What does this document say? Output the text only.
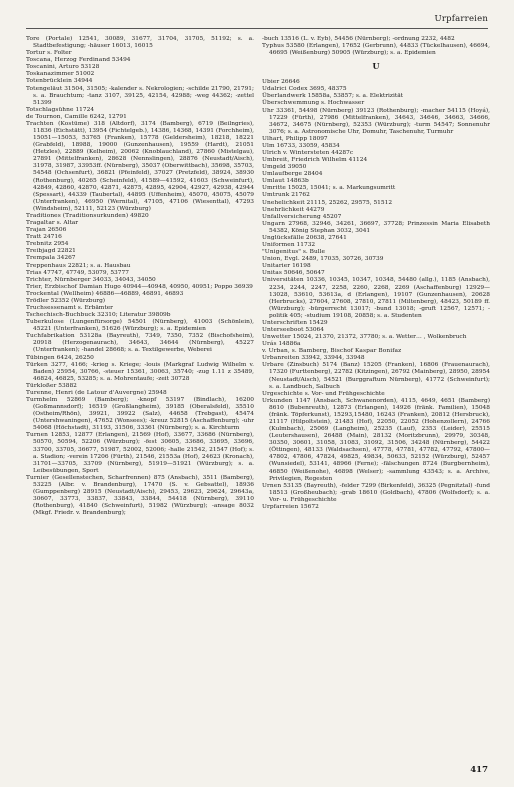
Urpfarreien

Tore (Portale) 12541, 30089, 31677, 31704, 31705, 51192; s. a. Stadtbefestigung; -häuser 16013, 16015

Tortur s. Folter

Toscana, Herzog Ferdinand 53494

Toscanini, Arturo 53128

Toskanazimmer 51002

Totenbrücklein 34944

Totengeläut 31504, 31505; -kalender s. Nekrologien; -schilde 21790, 21791; s. a. Brauchtum; -tanz 3107, 39125, 42154, 42988; -weg 44362; -zettel 51399

Totschlagsühne 11724

de Tournon, Camille 6242, 12791

Trachten (Kostüme) 318 (Altdorf), 3174 (Bamberg), 6719 (Beilngries), 11836 (Eichstätt), 13954 (Fichtelgeb.), 14386, 14368, 14391 (Forchheim), 15051—15053, 53765 (Franken), 15778 (Geldersheim), 18218, 18221 (Grabfeld), 18988, 19000 (Gunzenhausen), 19559 (Hardt), 21051 (Hetzles), 22889 (Kelheim), 20062 (Knoblauchland), 27860 (Mistelgau), 27891 (Mittelfranken), 28628 (Nennslingen), 28876 (Neustadt/Aisch), 31978, 31987, 33953ff. (Nürnberg), 35037 (Oberwittbach), 35698, 35703, 54548 (Ochsenfurt), 36821 (Pfeinfeld), 37027 (Pretzfeld), 38924, 38930 (Rothenburg), 40265 (Scheinfeld), 41589—41592, 41603 (Schweinfurt), 42849, 42860, 42870, 42871, 42875, 42895, 42904, 42927, 42938, 42944 (Spessart), 44339 (Taubertal), 44895 (Uffenheim), 45070, 45075, 45079 (Unterfranken), 46950 (Wernital), 47105, 47106 (Wiesenttal), 47293 (Windsheim), 52111, 52123 (Würzburg)

Traditiones (Traditionsurkunden) 49820

Tragaltar s. Altar

Trajan 26506

Tratt 24716

Trebnitz 2954

Treibjagd 22821

Trempala 34267

Treppenhaus 22821; s. a. Hausbau

Trias 47747, 47749, 53079, 53777

Trichter, Nürnberger 34033, 34043, 34050

Trier, Erzbischof Damian Hugo 40944—40948, 40950, 40951; Poppo 36939

Trockental (Wellheim) 46886—46889, 46891, 46893

Trödler 52352 (Würzburg)

Truchsessenamt s. Erbämter

Tschechisch-Buchbuck 32310; Literatur 39809b

Tuberkulose (Lungenfürsorge) 54501 (Nürnberg), 41003 (Schönlein), 45221 (Unterfranken), 51626 (Würzburg); s. a. Epidemien

Tuchfabrikation 53128a (Bayreuth), 7349, 7350, 7352 (Bischofsheim), 20918 (Herzogenaurach), 34643, 34644 (Nürnberg), 45227 (Unterfranken); -handel 28668; s. a. Textilgewerbe, Weberei

Tübingen 6424, 26250

Türken 3277, 4166; -krieg s. Kriege; -louis (Markgraf Ludwig Wilhelm v. Baden) 25954, 30766, -steuer 15361, 30063, 35740; -zug 1.11 z 35489, 46824, 46825, 53285; s. a. Mohrentaufe; -zeit 30728

Türkloßer 53882

Turenne, Henri (de Latour d'Auvergne) 25948

Turmhelm 52869 (Bamberg); -knopf 53197 (Bindlach), 16200 (Goßmannsdorf); 16519 (Großlangheim), 39185 (Oberalsfeld), 35510 (Ostheim/Rhön), 39921, 39922 (Salz), 44658 (Trebgast), 45474 (Untershwaningen), 47652 (Wonsees); -kreuz 52815 (Aschaffenburg); -uhr 54068 (Höchstadt), 31193, 31506, 33361 (Nürnberg); s. a. Kirchturm

Turnen 12853, 12877 (Erlangen), 21569 (Hof), 33677, 33686 (Nürnberg), 50570, 50594, 52206 (Würzburg); -fest 30605, 33686, 33695, 33696, 33700, 33705, 36677, 51987, 52002, 52006; -halle 21542, 21547 (Hof); s. a. Stadion; -verein 17206 (Fürth), 21546, 21553a (Hof), 24623 (Kronach), 31701—33705, 33709 (Nürnberg), 51919—51921 (Würzburg); s. a. Leibesübungen, Sport

Turnier (Gesellenstechen, Scharfrennen) 875 (Ansbach), 3511 (Bamberg), 53225 (Albr. v. Brandenburg), 17470 (S. v. Gebsattel), 18936 (Gumppenberg) 28915 (Neustadt/Aisch), 29453, 29623, 29624, 29643a, 30607, 33773, 33837, 33843, 33844, 54418 (Nürnberg), 39110 (Rothenburg), 41840 (Schweinfurt), 51982 (Würzburg); -ansage 8032 (Mkgf. Friedr. v. Brandenburg);

-buch 13516 (L. v. Eyb), 54456 (Nürnberg); -ordnung 2232, 4482

Typhus 53580 (Erlangen), 17652 (Gerbrunn), 44833 (Tückelhausen), 46694, 46695 (Weißenburg) 50905 (Würzburg); s. a. Epidemien

U

Ubier 26646

Udalrici Codex 3695, 48375

Überlandwerk 15858a, 53857; s. a. Elektrizität

Überschwemmung s. Hochwasser

Uhr 33361, 54498 (Nürnberg) 39123 (Rothenburg); -macher 54115 (Hoyá), 17229 (Fürth), 27986 (Mittelfranken), 34643, 34646, 34663, 34666, 34672, 34675 (Nürnberg), 52353 (Würzburg); -turm 54547; Sonnenuhr 3076; s. a. Astronomische Uhr, Domuhr, Taschenuhr, Turmuhr

Ulhart, Philipp 18097

Ulm 16733, 33059, 45834

Ulrich v. Wintersteten 44287c

Umbreit, Friedrich Wilhelm 41124

Umgeld 39050

Umlaufberge 28404

Umlaut 14863b

Umritte 15025, 15041; s. a. Markungsumritt

Umtrunk 21762

Unehelichkeit 21115, 25262, 29575, 51512

Unehrlichkeit 44279

Unfallversicherung 45207

Ungarn 27968, 32946, 34261, 36697, 37728; Prinzessin Maria Elisabeth 54382, König Stephan 3032, 3041

Unglücksfälle 20638, 27641

Uniformen 11732

"Unigenitus" s. Bulle

Union, Evgl. 2489, 17035, 30726, 30739

Unitarier 16198

Unitas 50646, 50647

Universitäten 10336, 10345, 10347, 10348, 54480 (allg.), 1185 (Ansbach), 2234, 2244, 2247, 2258, 2260, 2268, 2269 (Aschaffenburg) 12929—13028, 53610, 53613a, d (Erlangen), 19107 (Gunzenhausen), 20628 (Herbrucks), 27604, 27608, 27810, 27811 (Miltenberg), 48423, 50189 ff. (Würzburg); -bürgerrecht 13017; -bund 13018; -gruft 12567, 12571; -politik 405; -studium 19108, 20858; s. a. Studenten

Unterschriften 15429

Unterseeboot 53064

Unwetter 15024, 21370, 21372, 37780; s. a. Wetter… , Wolkenbruch

Urás 14886a

v. Urban, s. Bamberg, Bischof Kaspar Bonifaz

Urbanreiten 33942, 33944, 33948

Urbare (Zinsbuch) 5174 (Banz) 15205 (Franken), 16806 (Frauenaurach), 17320 (Furttenberg), 22782 (Kitzingen), 26792 (Mainberg), 28950, 28954 (Neustadt/Aisch), 54521 (Burggraftum Nürnberg), 41772 (Schweinfurt); s. a. Landbuch, Salbuch

Urgeschichte s. Vor- und Frühgeschichte

Urkunden 1147 (Ansbach, Schwanenorden), 4115, 4649, 4651 (Bamberg) 8610 (Bubenreuth), 12873 (Erlangen), 14926 (fränk. Familien), 15048 (fränk. Töpferkunst), 15293,15480, 16243 (Franken), 20812 (Hersbruck), 21117 (Hilpoltstein), 21483 (Hof), 22050, 22052 (Hohenzollern), 24766 (Kulmbach), 25069 (Langheim), 25235 (Lauf), 2353 (Leider), 25515 (Leutershausen), 26488 (Main), 28132 (Moritzbrunn), 29979, 30348, 30350, 30601, 31058, 31083, 31092, 31506, 34248 (Nürnberg), 54422 (Öttingen), 48133 (Waldsachsen), 47778, 47781, 47782, 47792, 47800—47802, 47806, 47824, 49825, 49834, 50633, 52152 (Würzburg), 52457 (Wunsiedel), 53141, 48966 (Ferne); -fälschungen 8724 (Burgbernheim), 46850 (Weißenohe), 46898 (Welser); -sammlung 43543; s. a. Archive, Privilegien, Regesten

Urnen 53135 (Bayreuth), -felder 7299 (Birkenfeld), 36325 (Pegnitztal) -fund 18513 (Großheubach); -grab 18610 (Goldbach), 47806 (Wolfsdorf); s. a. Vor- u. Frühgeschichte

Urpfarreien 15672

417
